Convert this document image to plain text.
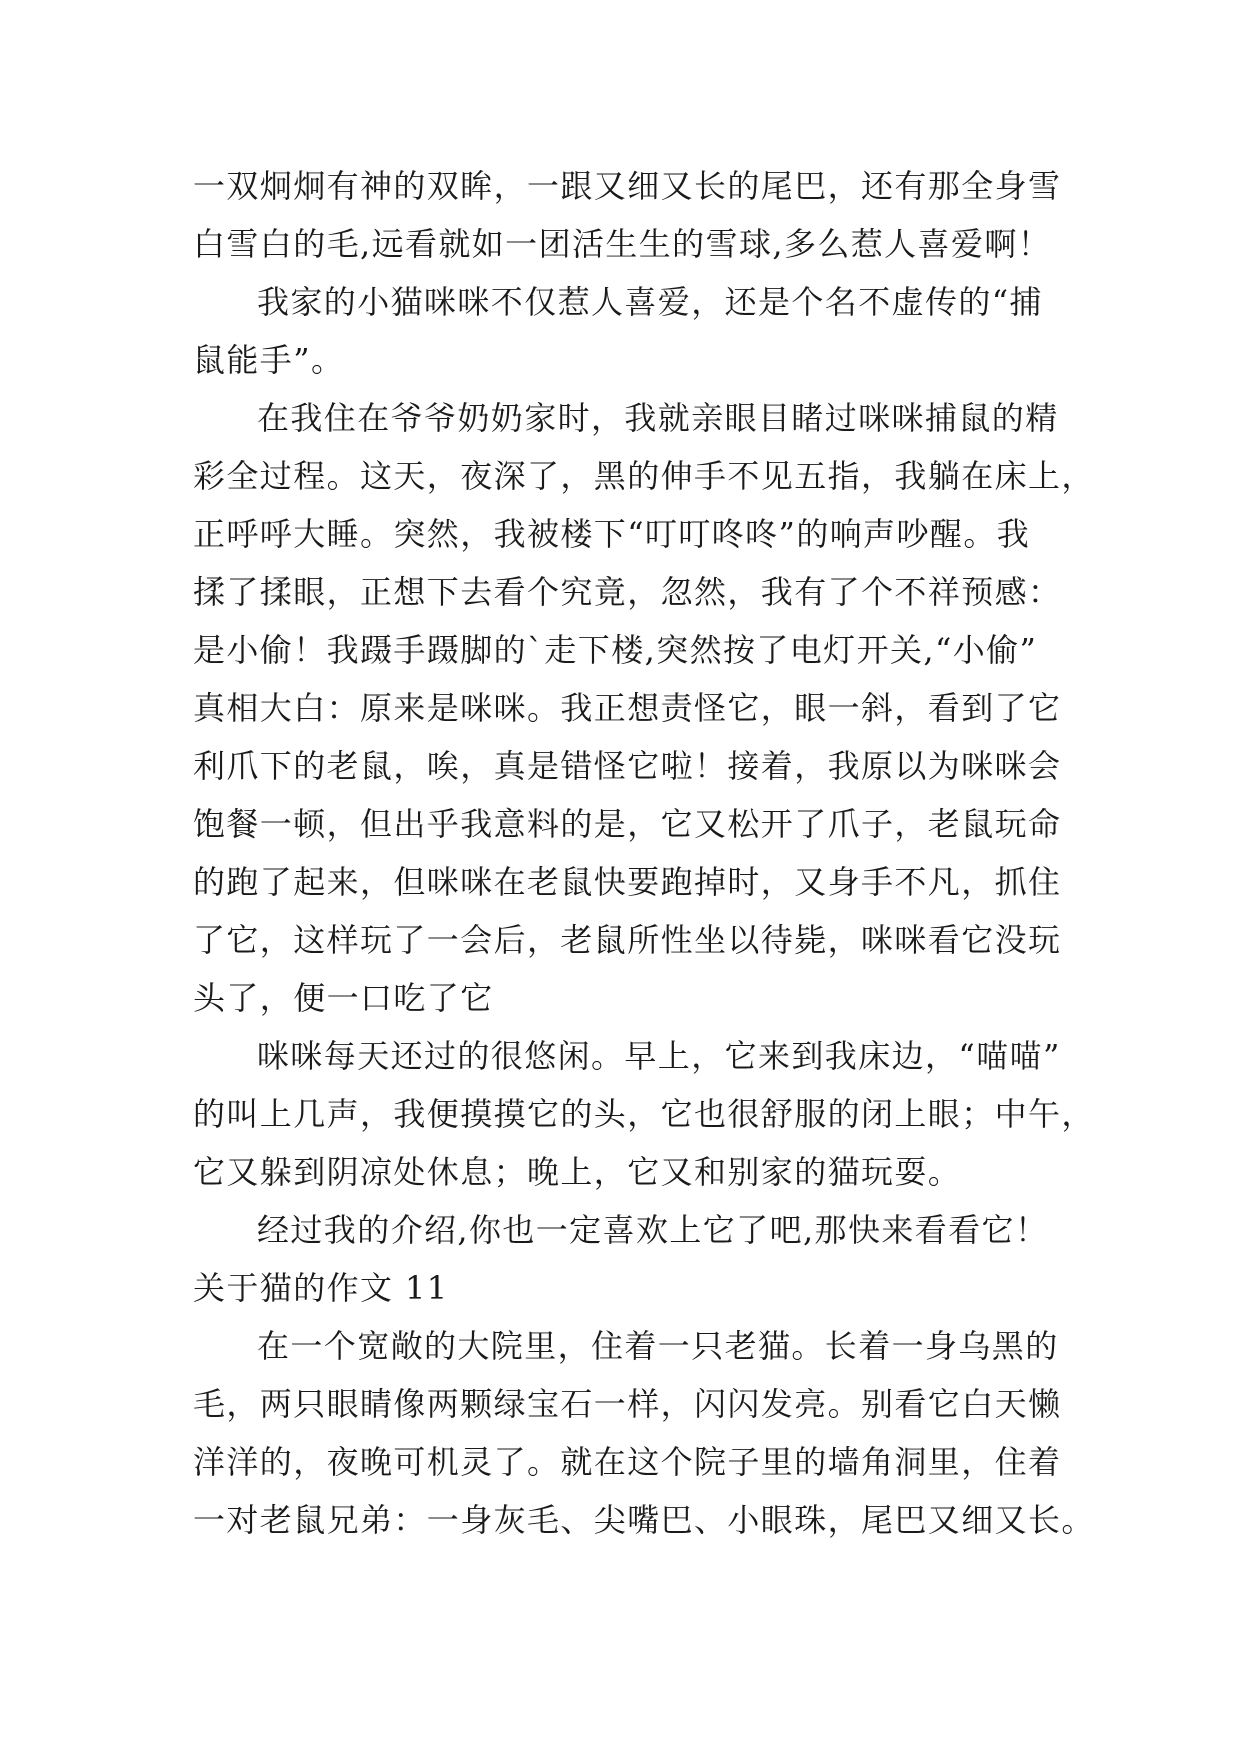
一双炯炯有神的双眸，一跟又细又长的尾巴，还有那全身雪
白雪白的毛,远看就如一团活生生的雪球,多么惹人喜爱啊！
我家的小猫咪咪不仅惹人喜爱，还是个名不虚传的“捕
鼠能手”。
在我住在爷爷奶奶家时，我就亲眼目睹过咪咪捕鼠的精
彩全过程。这天，夜深了，黑的伸手不见五指，我躺在床上，
正呼呼大睡。突然，我被楼下“叮叮咚咚”的响声吵醒。我
揉了揉眼，正想下去看个究竟，忽然，我有了个不祥预感：
是小偷！我蹑手蹑脚的`走下楼,突然按了电灯开关,“小偷”
真相大白：原来是咪咪。我正想责怪它，眼一斜，看到了它
利爪下的老鼠，唉，真是错怪它啦！接着，我原以为咪咪会
饱餐一顿，但出乎我意料的是，它又松开了爪子，老鼠玩命
的跑了起来，但咪咪在老鼠快要跑掉时，又身手不凡，抓住
了它，这样玩了一会后，老鼠所性坐以待毙，咪咪看它没玩
头了，便一口吃了它
咪咪每天还过的很悠闲。早上，它来到我床边，“喵喵”
的叫上几声，我便摸摸它的头，它也很舒服的闭上眼；中午，
它又躲到阴凉处休息；晚上，它又和别家的猫玩耍。
经过我的介绍,你也一定喜欢上它了吧,那快来看看它！
关于猫的作文 11
在一个宽敞的大院里，住着一只老猫。长着一身乌黑的
毛，两只眼睛像两颗绿宝石一样，闪闪发亮。别看它白天懒
洋洋的，夜晚可机灵了。就在这个院子里的墙角洞里，住着
一对老鼠兄弟：一身灰毛、尖嘴巴、小眼珠，尾巴又细又长。
